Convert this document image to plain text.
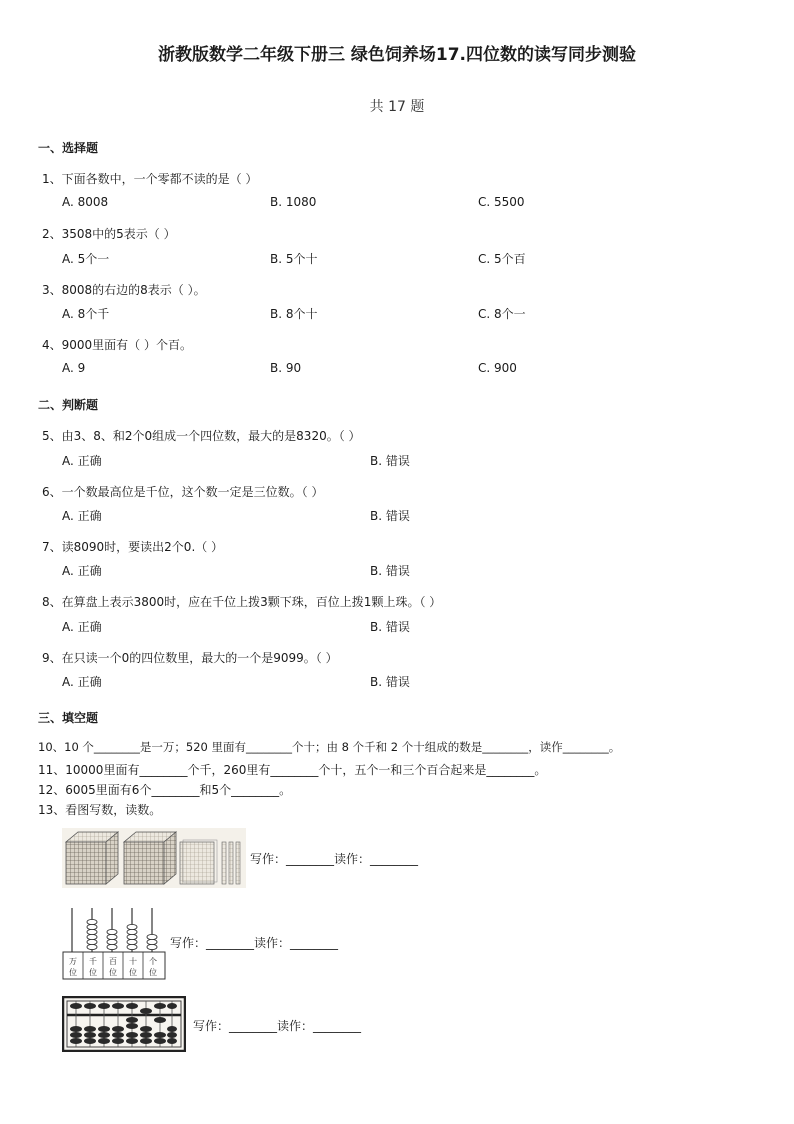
浙教版数学二年级下册三 绿色饲养场17.四位数的读写同步测验
共 17 题
一、选择题
1、下面各数中，一个零都不读的是（ ）
A. 8008	B. 1080	C. 5500
2、3508中的5表示（ ）
A. 5个一	B. 5个十	C. 5个百
3、8008的右边的8表示（ ）。
A. 8个千	B. 8个十	C. 8个一
4、9000里面有（ ）个百。
A. 9	B. 90	C. 900
二、判断题
5、由3、8、和2个0组成一个四位数，最大的是8320。（ ）
A. 正确	B. 错误
6、一个数最高位是千位，这个数一定是三位数。（ ）
A. 正确	B. 错误
7、读8090时，要读出2个0.（ ）
A. 正确	B. 错误
8、在算盘上表示3800时，应在千位上拨3颗下珠，百位上拨1颗上珠。（ ）
A. 正确	B. 错误
9、在只读一个0的四位数里，最大的一个是9099。（ ）
A. 正确	B. 错误
三、填空题
10、10 个________是一万；520 里面有________个十；由 8 个千和 2 个十组成的数是________，读作________。
11、10000里面有________个千，260里有________个十，五个一和三个百合起来是________。
12、6005里面有6个________和5个________。
13、看图写数，读数。
写作：________读作：________
万
位
千
位
百
位
十
位
个
位
写作：________读作：________
写作：________读作：________
